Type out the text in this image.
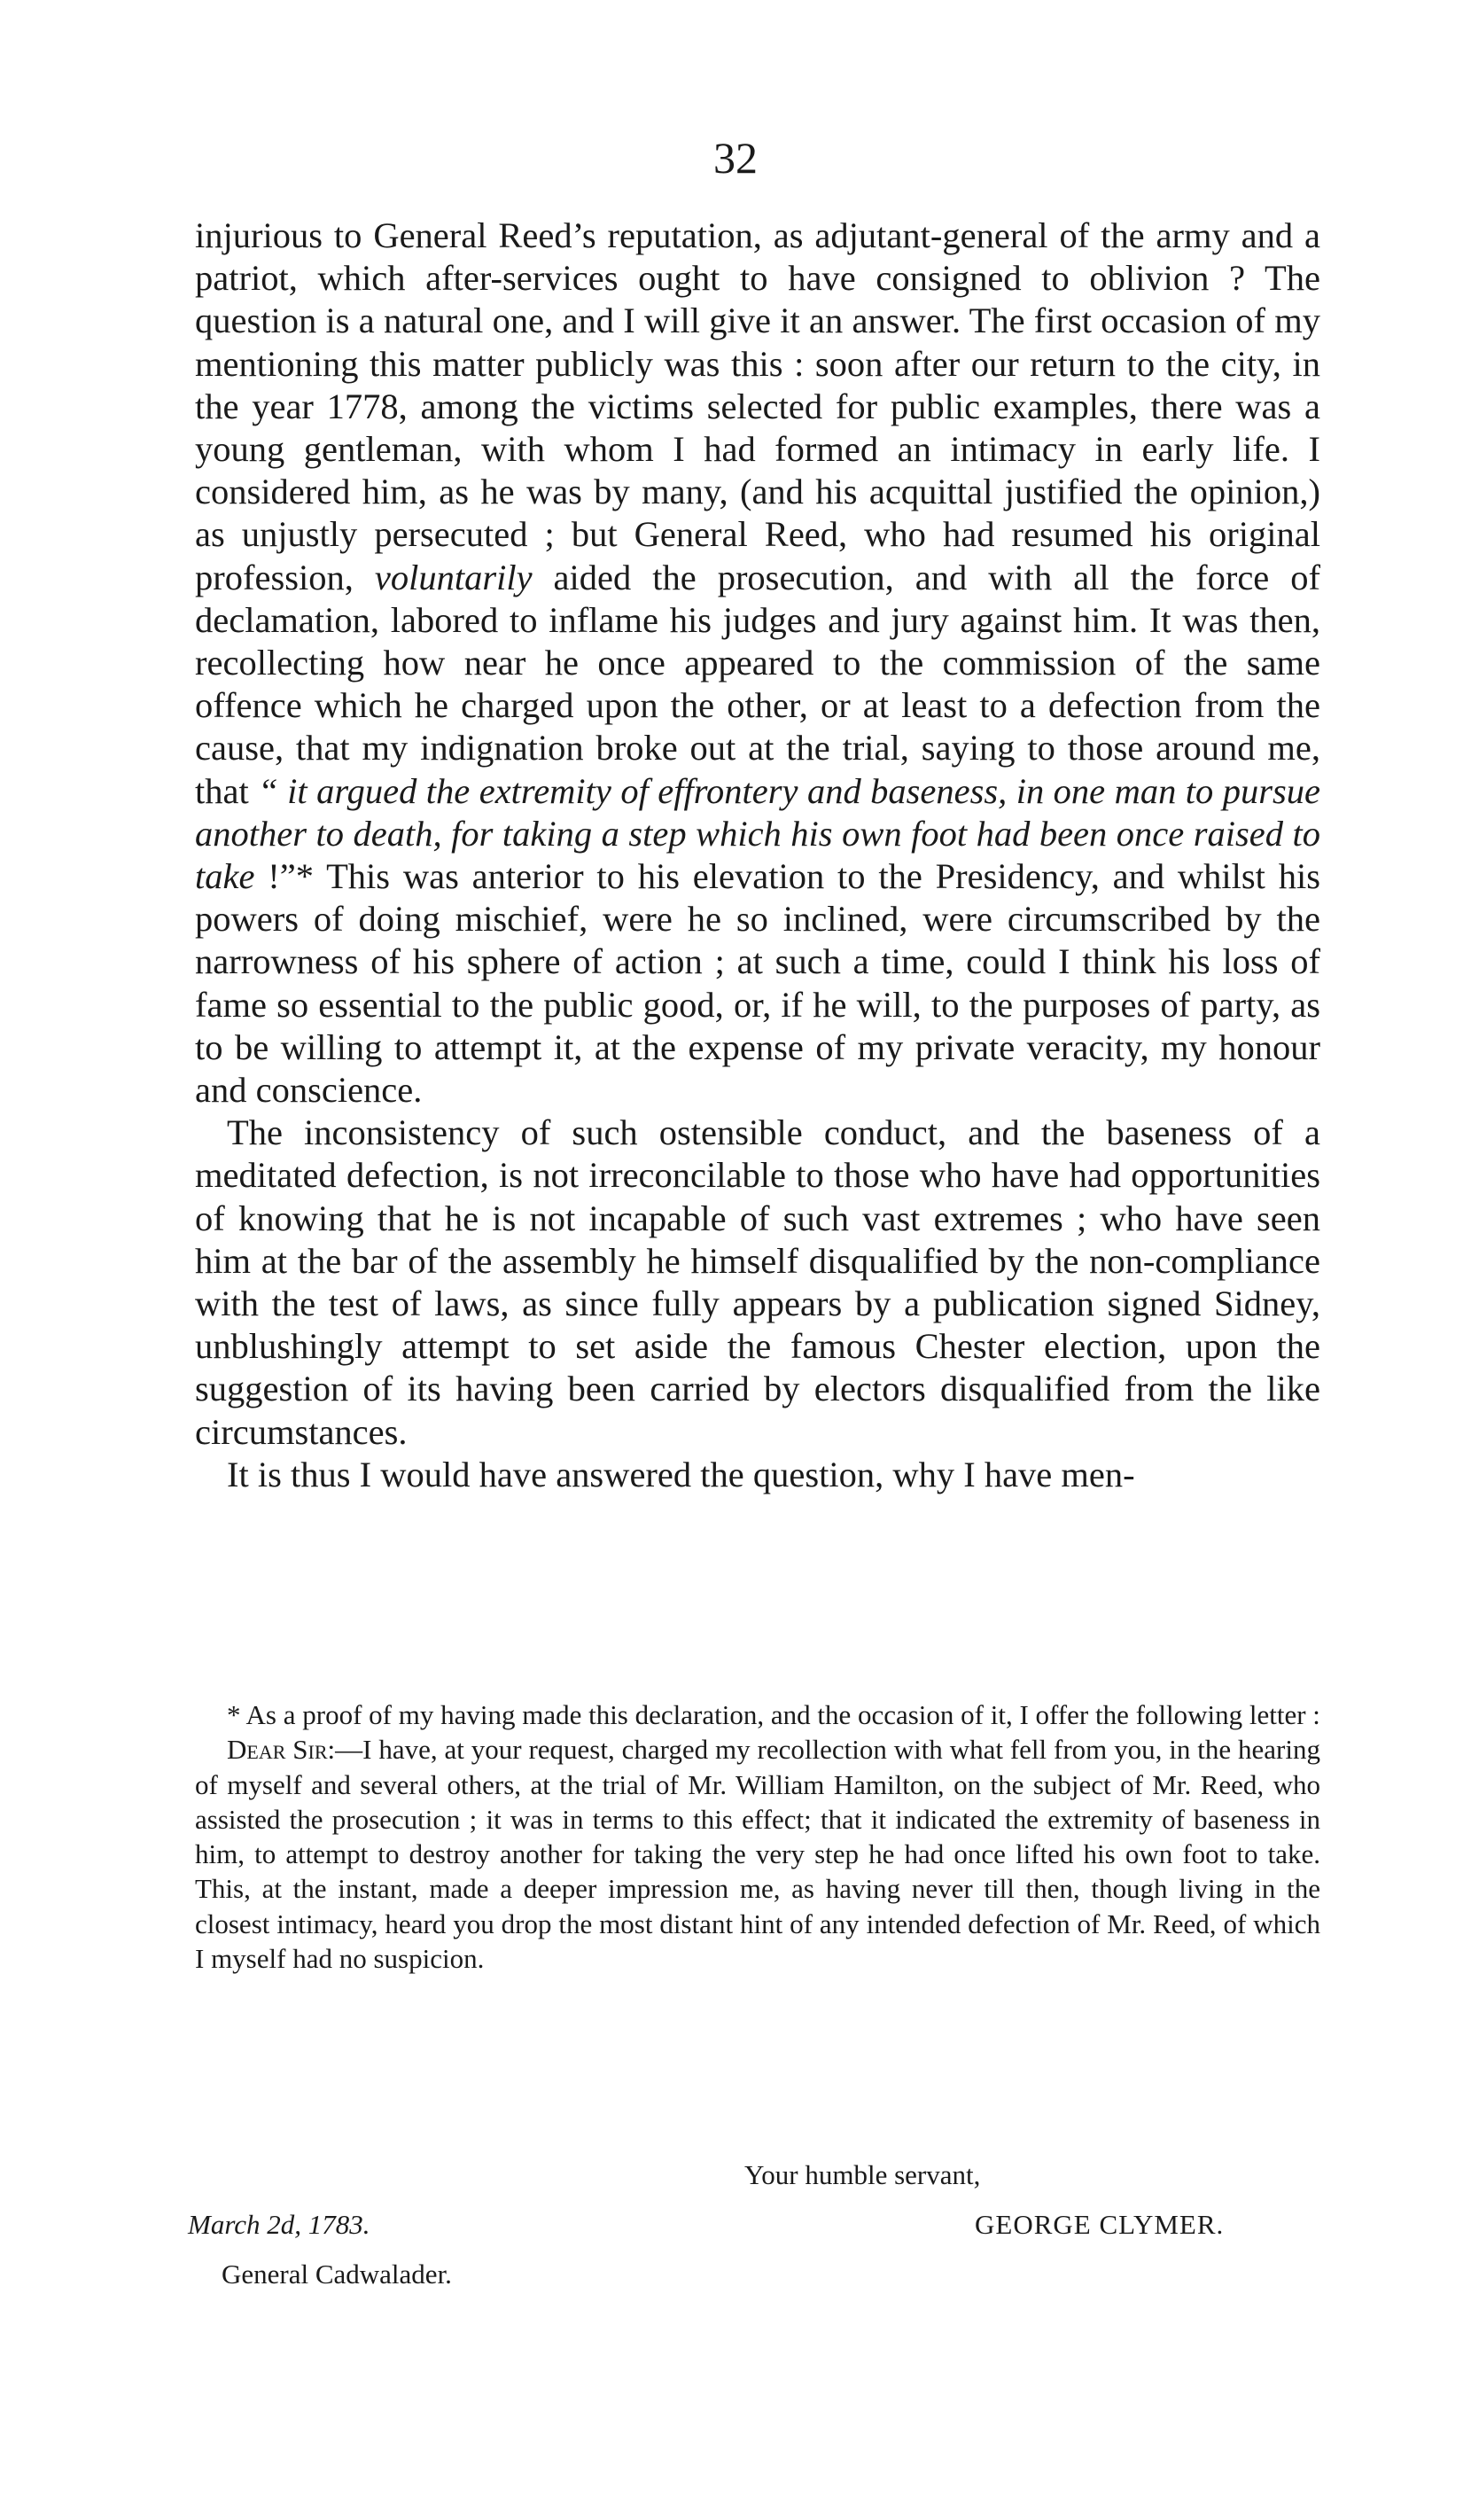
32

injurious to General Reed’s reputation, as adjutant-general of the army and a patriot, which after-services ought to have consigned to oblivion ? The question is a natural one, and I will give it an answer. The first occasion of my mentioning this matter publicly was this : soon after our return to the city, in the year 1778, among the victims selected for public examples, there was a young gentleman, with whom I had formed an intimacy in early life. I considered him, as he was by many, (and his acquittal justified the opinion,) as unjustly persecuted ; but General Reed, who had resumed his original profession, voluntarily aided the prosecution, and with all the force of declamation, labored to inflame his judges and jury against him. It was then, recollecting how near he once appeared to the commission of the same offence which he charged upon the other, or at least to a defection from the cause, that my indignation broke out at the trial, saying to those around me, that “ it argued the extremity of effrontery and baseness, in one man to pursue another to death, for taking a step which his own foot had been once raised to take !”* This was anterior to his elevation to the Presidency, and whilst his powers of doing mischief, were he so inclined, were circumscribed by the narrowness of his sphere of action ; at such a time, could I think his loss of fame so essential to the public good, or, if he will, to the purposes of party, as to be willing to attempt it, at the expense of my private veracity, my honour and conscience.

The inconsistency of such ostensible conduct, and the baseness of a meditated defection, is not irreconcilable to those who have had opportunities of knowing that he is not incapable of such vast extremes ; who have seen him at the bar of the assembly he himself disqualified by the non-compliance with the test of laws, as since fully appears by a publication signed Sidney, unblushingly attempt to set aside the famous Chester election, upon the suggestion of its having been carried by electors disqualified from the like circumstances.

It is thus I would have answered the question, why I have men-

* As a proof of my having made this declaration, and the occasion of it, I offer the following letter :

Dear Sir:—I have, at your request, charged my recollection with what fell from you, in the hearing of myself and several others, at the trial of Mr. William Hamilton, on the subject of Mr. Reed, who assisted the prosecution ; it was in terms to this effect; that it indicated the extremity of baseness in him, to attempt to destroy another for taking the very step he had once lifted his own foot to take. This, at the instant, made a deeper impression me, as having never till then, though living in the closest intimacy, heard you drop the most distant hint of any intended defection of Mr. Reed, of which I myself had no suspicion.

Your humble servant,
March 2d, 1783.	GEORGE CLYMER.
General Cadwalader.
